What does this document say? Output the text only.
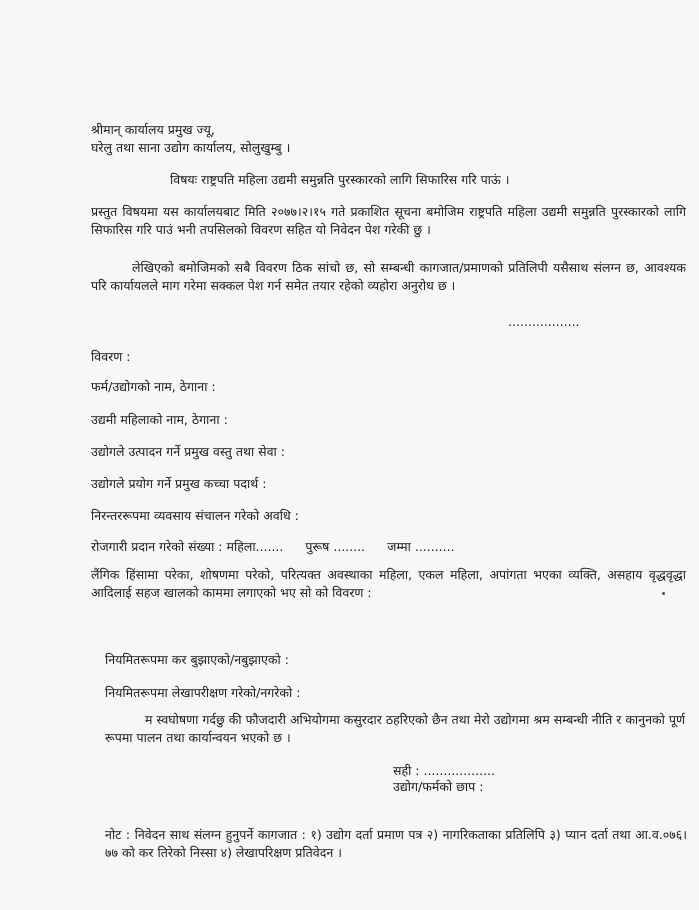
श्रीमान् कार्यालय प्रमुख ज्यू,
घरेलु तथा साना उद्योग कार्यालय, सोलुखुम्बु ।
विषयः राष्ट्रपति महिला उद्यमी समुन्नति पुरस्कारको लागि सिफारिस गरि पाऊं ।
प्रस्तुत विषयमा यस कार्यालयबाट मिति २०७७।२।१५ गते प्रकाशित सूचना बमोजिम राष्ट्रपति महिला उद्यमी समुन्नति पुरस्कारको लागि सिफारिस गरि पाउं भनी तपसिलको विवरण सहित यो निवेदन पेश गरेकी छु ।
लेखिएको बमोजिमको सबै विवरण ठिक सांचो छ, सो सम्बन्धी कागजात/प्रमाणको प्रतिलिपी यसैसाथ संलग्न छ, आवश्यक परि कार्यायलले माग गरेमा सक्कल पेश गर्न समेत तयार रहेको व्यहोरा अनुरोध छ ।
..................
विवरण :
फर्म/उद्योगको नाम, ठेगाना :
उद्यमी महिलाको नाम, ठेगाना :
उद्योगले उत्पादन गर्ने प्रमुख वस्तु तथा सेवा :
उद्योगले प्रयोग गर्ने प्रमुख कच्चा पदार्थ :
निरन्तररूपमा व्यवसाय संचालन गरेको अवधि :
रोजगारी प्रदान गरेको संख्या : महिला....... पुरूष ........ जम्मा ..........
लैंगिक हिंसामा परेका, शोषणमा परेको, परित्यक्त अवस्थाका महिला, एकल महिला, अपांगता भएका व्यक्ति, असहाय वृद्धवृद्धा आदिलाई सहज खालको काममा लगाएको भए सो को विवरण :
नियमितरूपमा कर बुझाएको/नबुझाएको :
नियमितरूपमा लेखापरीक्षण गरेको/नगरेको :
म स्वघोषणा गर्दछु की फौजदारी अभियोगमा कसुरदार ठहरिएको छैन तथा मेरो उद्योगमा श्रम सम्बन्धी नीति र कानुनको पूर्ण रूपमा पालन तथा कार्यान्वयन भएको छ ।
सही : ..................
उद्योग/फर्मको छाप :
नोट : निवेदन साथ संलग्न हुनुपर्ने कागजात : १) उद्योग दर्ता प्रमाण पत्र २) नागरिकताका प्रतिलिपि ३) प्यान दर्ता तथा आ.व.०७६।७७ को कर तिरेको निस्सा ४) लेखापरिक्षण प्रतिवेदन ।
